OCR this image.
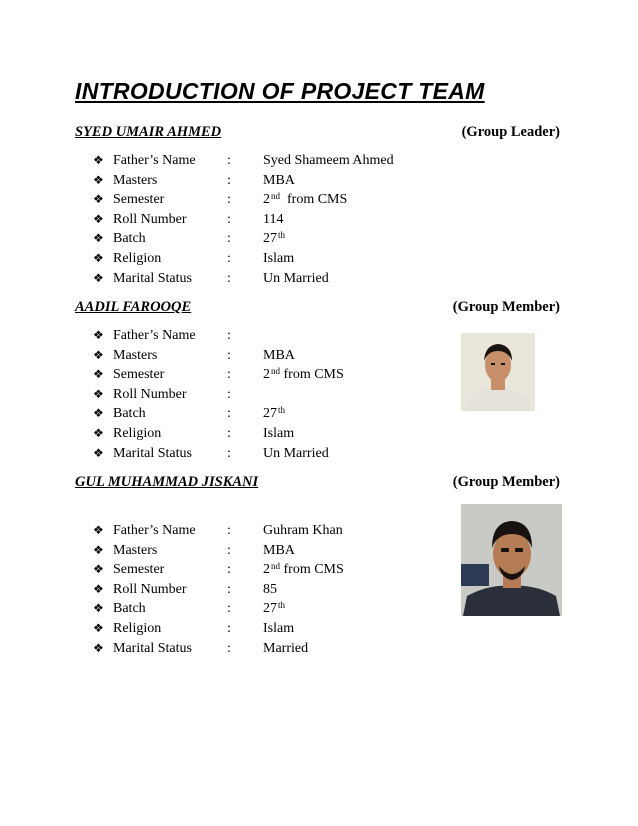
INTRODUCTION OF PROJECT TEAM
SYED UMAIR AHMED	(Group Leader)
❖ Father’s Name : Syed Shameem Ahmed
❖ Masters	: MBA
❖ Semester	: 2nd  from CMS
❖ Roll Number	: 114
❖ Batch	: 27th
❖ Religion	: Islam
❖ Marital Status	: Un Married
AADIL FAROOQE	(Group Member)
❖ Father’s Name :
❖ Masters	: MBA
❖ Semester	: 2nd from CMS
❖ Roll Number	:
❖ Batch	: 27th
❖ Religion	: Islam
❖ Marital Status	: Un Married
GUL MUHAMMAD JISKANI	(Group Member)
❖ Father’s Name : Guhram Khan
❖ Masters	: MBA
❖ Semester	: 2nd from CMS
❖ Roll Number	: 85
❖ Batch	: 27th
❖ Religion	: Islam
❖ Marital Status	: Married
